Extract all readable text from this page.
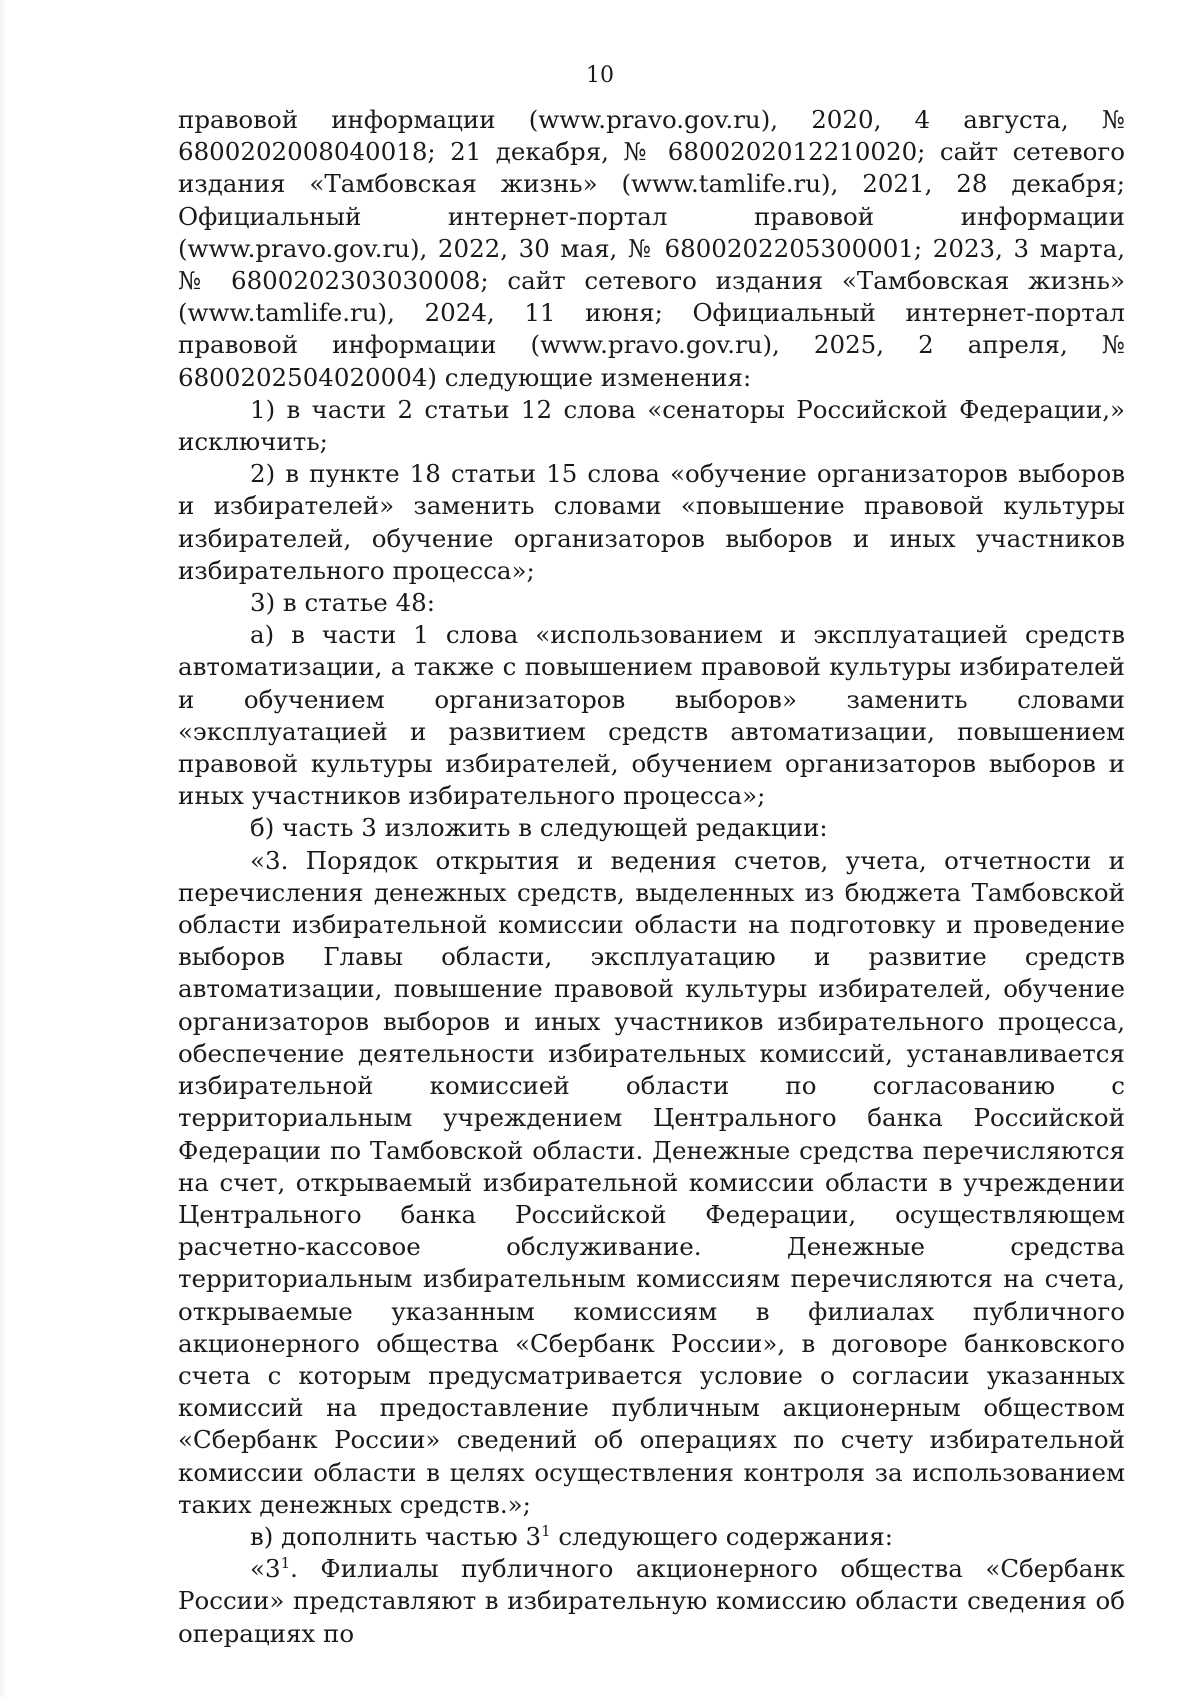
10

правовой информации (www.pravo.gov.ru), 2020, 4 августа, № 6800202008040018; 21 декабря, № 6800202012210020; сайт сетевого издания «Тамбовская жизнь» (www.tamlife.ru), 2021, 28 декабря; Официальный интернет-портал правовой информации (www.pravo.gov.ru), 2022, 30 мая, № 6800202205300001; 2023, 3 марта, № 6800202303030008; сайт сетевого издания «Тамбовская жизнь» (www.tamlife.ru), 2024, 11 июня; Официальный интернет-портал правовой информации (www.pravo.gov.ru), 2025, 2 апреля, № 6800202504020004) следующие изменения:

1) в части 2 статьи 12 слова «сенаторы Российской Федерации,» исключить;

2) в пункте 18 статьи 15 слова «обучение организаторов выборов и избирателей» заменить словами «повышение правовой культуры избирателей, обучение организаторов выборов и иных участников избирательного процесса»;

3) в статье 48:

а) в части 1 слова «использованием и эксплуатацией средств автоматизации, а также с повышением правовой культуры избирателей и обучением организаторов выборов» заменить словами «эксплуатацией и развитием средств автоматизации, повышением правовой культуры избирателей, обучением организаторов выборов и иных участников избирательного процесса»;

б) часть 3 изложить в следующей редакции:

«3. Порядок открытия и ведения счетов, учета, отчетности и перечисления денежных средств, выделенных из бюджета Тамбовской области избирательной комиссии области на подготовку и проведение выборов Главы области, эксплуатацию и развитие средств автоматизации, повышение правовой культуры избирателей, обучение организаторов выборов и иных участников избирательного процесса, обеспечение деятельности избирательных комиссий, устанавливается избирательной комиссией области по согласованию с территориальным учреждением Центрального банка Российской Федерации по Тамбовской области. Денежные средства перечисляются на счет, открываемый избирательной комиссии области в учреждении Центрального банка Российской Федерации, осуществляющем расчетно-кассовое обслуживание. Денежные средства территориальным избирательным комиссиям перечисляются на счета, открываемые указанным комиссиям в филиалах публичного акционерного общества «Сбербанк России», в договоре банковского счета с которым предусматривается условие о согласии указанных комиссий на предоставление публичным акционерным обществом «Сбербанк России» сведений об операциях по счету избирательной комиссии области в целях осуществления контроля за использованием таких денежных средств.»;

в) дополнить частью $3^1$ следующего содержания:

«$3^1$. Филиалы публичного акционерного общества «Сбербанк России» представляют в избирательную комиссию области сведения об операциях по
